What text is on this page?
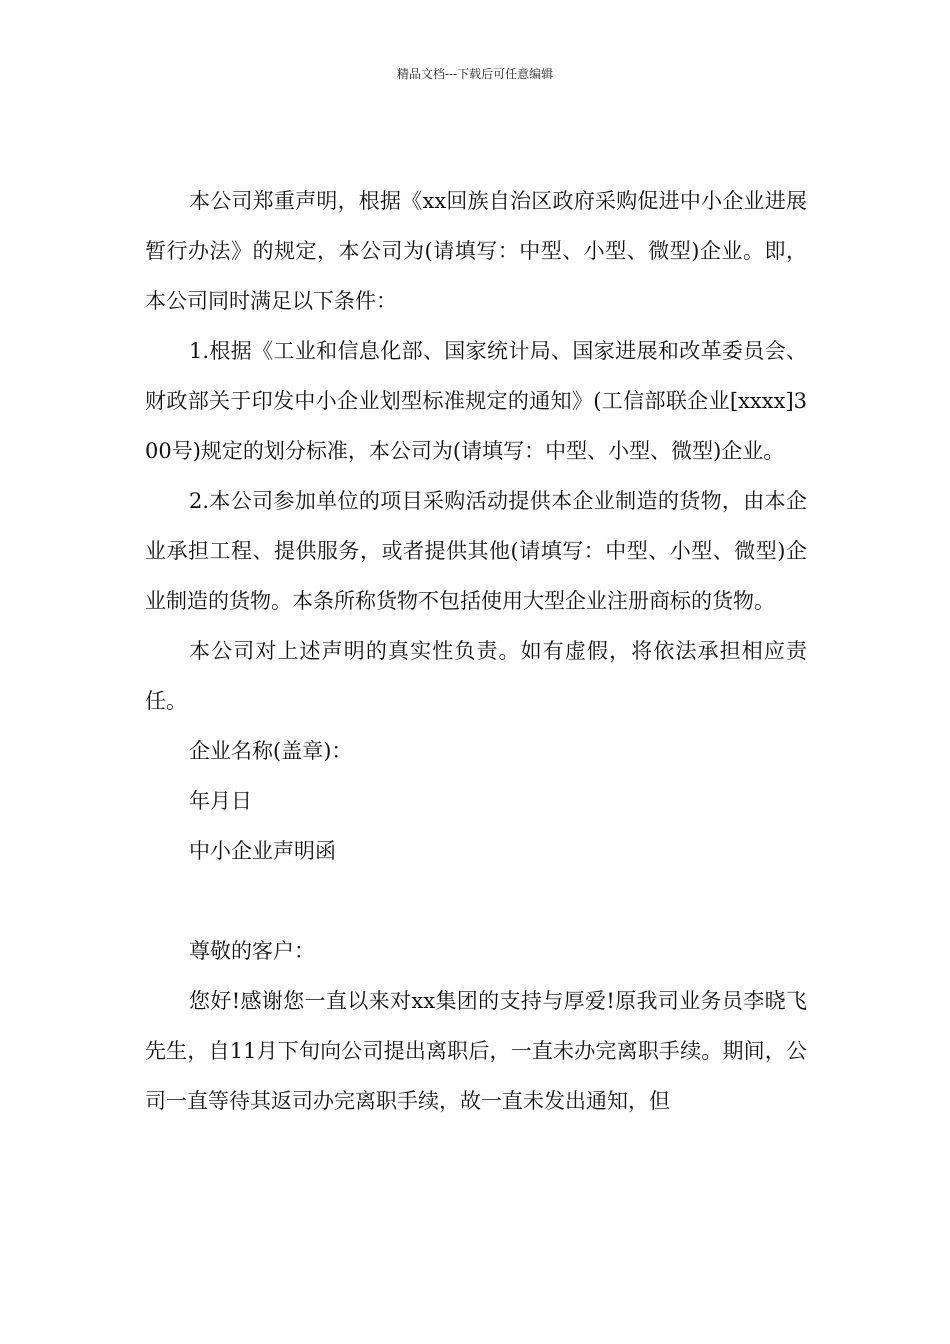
精品文档---下载后可任意编辑

本公司郑重声明，根据《xx回族自治区政府采购促进中小企业进展暂行办法》的规定，本公司为(请填写：中型、小型、微型)企业。即，本公司同时满足以下条件：

1.根据《工业和信息化部、国家统计局、国家进展和改革委员会、财政部关于印发中小企业划型标准规定的通知》(工信部联企业[xxxx]300号)规定的划分标准，本公司为(请填写：中型、小型、微型)企业。

2.本公司参加单位的项目采购活动提供本企业制造的货物，由本企业承担工程、提供服务，或者提供其他(请填写：中型、小型、微型)企业制造的货物。本条所称货物不包括使用大型企业注册商标的货物。

本公司对上述声明的真实性负责。如有虚假，将依法承担相应责任。

企业名称(盖章)：

年月日

中小企业声明函

尊敬的客户：

您好!感谢您一直以来对xx集团的支持与厚爱!原我司业务员李晓飞先生，自11月下旬向公司提出离职后，一直未办完离职手续。期间，公司一直等待其返司办完离职手续，故一直未发出通知，但
